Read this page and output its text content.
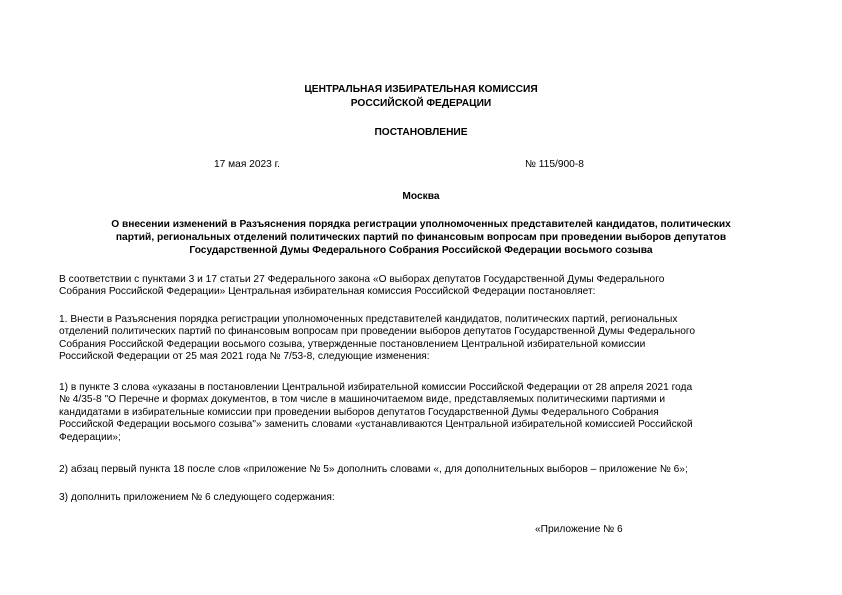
ЦЕНТРАЛЬНАЯ ИЗБИРАТЕЛЬНАЯ КОМИССИЯ
РОССИЙСКОЙ ФЕДЕРАЦИИ
ПОСТАНОВЛЕНИЕ
17 мая 2023 г.	№ 115/900-8
Москва
О внесении изменений в Разъяснения порядка регистрации уполномоченных представителей кандидатов, политических
партий, региональных отделений политических партий по финансовым вопросам при проведении выборов депутатов
Государственной Думы Федерального Собрания Российской Федерации восьмого созыва
В соответствии с пунктами 3 и 17 статьи 27 Федерального закона «О выборах депутатов Государственной Думы Федерального
Собрания Российской Федерации» Центральная избирательная комиссия Российской Федерации постановляет:
1. Внести в Разъяснения порядка регистрации уполномоченных представителей кандидатов, политических партий, региональных
отделений политических партий по финансовым вопросам при проведении выборов депутатов Государственной Думы Федерального
Собрания Российской Федерации восьмого созыва, утвержденные постановлением Центральной избирательной комиссии
Российской Федерации от 25 мая 2021 года № 7/53-8, следующие изменения:
1) в пункте 3 слова «указаны в постановлении Центральной избирательной комиссии Российской Федерации от 28 апреля 2021 года
№ 4/35-8 "О Перечне и формах документов, в том числе в машиночитаемом виде, представляемых политическими партиями и
кандидатами в избирательные комиссии при проведении выборов депутатов Государственной Думы Федерального Собрания
Российской Федерации восьмого созыва"» заменить словами «устанавливаются Центральной избирательной комиссией Российской
Федерации»;
2) абзац первый пункта 18 после слов «приложение № 5» дополнить словами «, для дополнительных выборов – приложение № 6»;
3) дополнить приложением № 6 следующего содержания:
«Приложение № 6
